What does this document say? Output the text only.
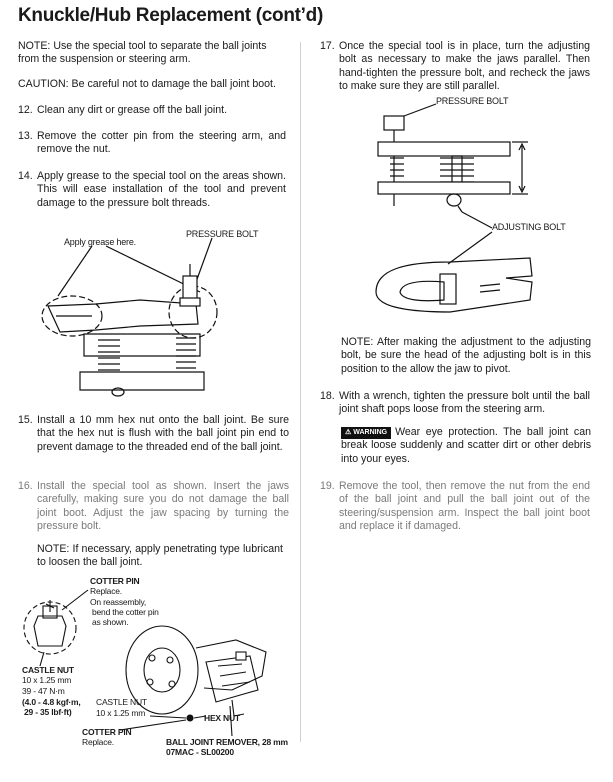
Knuckle/Hub Replacement (cont’d)
NOTE: Use the special tool to separate the ball joints from the suspension or steering arm.
CAUTION: Be careful not to damage the ball joint boot.
12. Clean any dirt or grease off the ball joint.
13. Remove the cotter pin from the steering arm, and remove the nut.
14. Apply grease to the special tool on the areas shown. This will ease installation of the tool and prevent damage to the pressure bolt threads.
15. Install a 10 mm hex nut onto the ball joint. Be sure that the hex nut is flush with the ball joint pin end to prevent damage to the threaded end of the ball joint.
16. Install the special tool as shown. Insert the jaws carefully, making sure you do not damage the ball joint boot. Adjust the jaw spacing by turning the pressure bolt.
NOTE: If necessary, apply penetrating type lubricant to loosen the ball joint.
Apply grease here.
PRESSURE BOLT
COTTER PIN
Replace.
On reassembly,
bend the cotter pin
as shown.
CASTLE NUT
10 x 1.25 mm
39 - 47 N·m
(4.0 - 4.8 kgf·m,
29 - 35 lbf·ft)
CASTLE NUT
10 x 1.25 mm	HEX NUT
COTTER PIN
Replace.	BALL JOINT REMOVER, 28 mm
07MAC - SL00200
17. Once the special tool is in place, turn the adjusting bolt as necessary to make the jaws parallel. Then hand-tighten the pressure bolt, and recheck the jaws to make sure they are still parallel.
NOTE: After making the adjustment to the adjusting bolt, be sure the head of the adjusting bolt is in this position to the allow the jaw to pivot.
18. With a wrench, tighten the pressure bolt until the ball joint shaft pops loose from the steering arm.
⚠ WARNING Wear eye protection. The ball joint can break loose suddenly and scatter dirt or other debris into your eyes.
19. Remove the tool, then remove the nut from the end of the ball joint and pull the ball joint out of the steering/suspension arm. Inspect the ball joint boot and replace it if damaged.
PRESSURE BOLT
ADJUSTING BOLT
